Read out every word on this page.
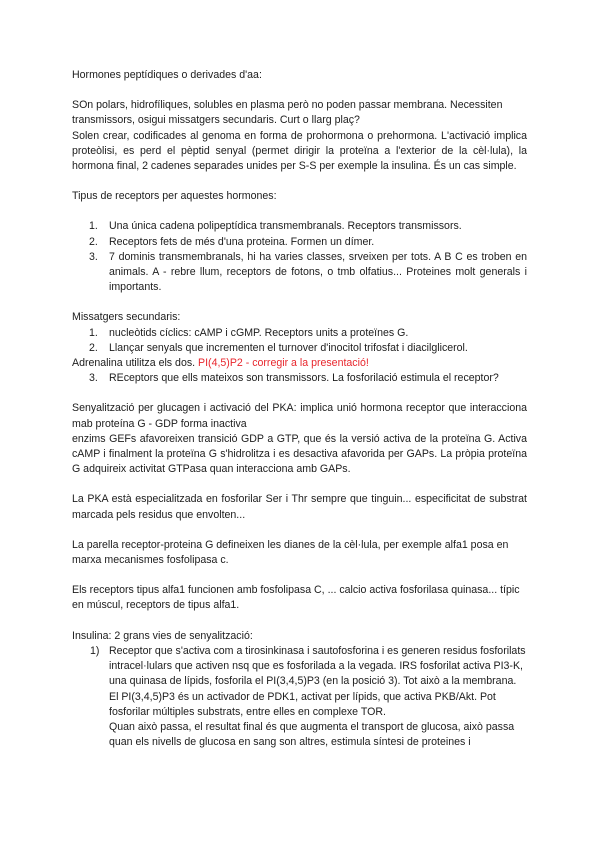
Hormones peptídiques o derivades d'aa:

SOn polars, hidrofíliques, solubles en plasma però no poden passar membrana. Necessiten transmissors, osigui missatgers secundaris. Curt o llarg plaç?

Solen crear, codificades al genoma en forma de prohormona o prehormona. L'activació implica proteòlisi, es perd el pèptid senyal (permet dirigir la proteïna a l'exterior de la cèl·lula), la hormona final, 2 cadenes separades unides per S-S per exemple la insulina. És un cas simple.

Tipus de receptors per aquestes hormones:

1. Una única cadena polipeptídica transmembranals. Receptors transmissors.
2. Receptors fets de més d'una proteina. Formen un dímer.
3. 7 dominis transmembranals, hi ha varies classes, srveixen per tots. A B C es troben en animals. A - rebre llum, receptors de fotons, o tmb olfatius... Proteines molt generals i importants.

Missatgers secundaris:

1. nucleòtids cíclics: cAMP i cGMP. Receptors units a proteïnes G.
2. Llançar senyals que incrementen el turnover d'inocitol trifosfat i diacilglicerol.

Adrenalina utilitza els dos. PI(4,5)P2 - corregir a la presentació!

3. REceptors que ells mateixos son transmissors. La fosforilació estimula el receptor?

Senyalització per glucagen i activació del PKA: implica unió hormona receptor que interacciona mab proteína G - GDP forma inactiva

enzims GEFs afavoreixen transició GDP a GTP, que és la versió activa de la proteïna G. Activa cAMP i finalment la proteïna G s'hidrolitza i es desactiva afavorida per GAPs. La pròpia proteïna G adquireix activitat GTPasa quan interacciona amb GAPs.

La PKA està especialitzada en fosforilar Ser i Thr sempre que tinguin... especificitat de substrat marcada pels residus que envolten...

La parella receptor-proteina G defineixen les dianes de la cèl·lula, per exemple alfa1 posa en marxa mecanismes fosfolipasa c.

Els receptors tipus alfa1 funcionen amb fosfolipasa C, ... calcio activa fosforilasa quinasa... típic en múscul, receptors de tipus alfa1.

Insulina: 2 grans vies de senyalització:

1) Receptor que s'activa com a tirosinkinasa i sautofosforina i es generen residus fosforilats intracel·lulars que activen nsq que es fosforilada a la vegada. IRS fosforilat activa PI3-K, una quinasa de lípids, fosforila el PI(3,4,5)P3 (en la posició 3). Tot això a la membrana.

El PI(3,4,5)P3 és un activador de PDK1, activat per lípids, que activa PKB/Akt. Pot fosforilar múltiples substrats, entre elles en complexe TOR.

Quan això passa, el resultat final és que augmenta el transport de glucosa, això passa quan els nivells de glucosa en sang son altres, estimula síntesi de proteines i
